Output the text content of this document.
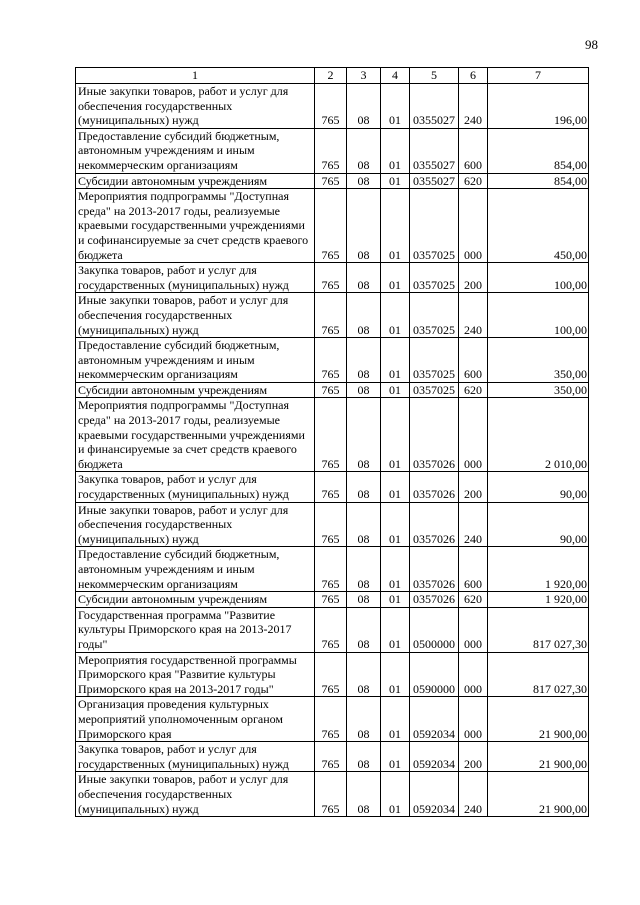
98
1	2	3	4	5	6	7
Иные закупки товаров, работ и услуг для обеспечения государственных (муниципальных) нужд	765	08	01	0355027	240	196,00
Предоставление субсидий бюджетным, автономным учреждениям и иным некоммерческим организациям	765	08	01	0355027	600	854,00
Субсидии автономным учреждениям	765	08	01	0355027	620	854,00
Мероприятия подпрограммы "Доступная среда" на 2013-2017 годы, реализуемые краевыми государственными учреждениями и софинансируемые за счет средств краевого бюджета	765	08	01	0357025	000	450,00
Закупка товаров, работ и услуг для государственных (муниципальных) нужд	765	08	01	0357025	200	100,00
Иные закупки товаров, работ и услуг для обеспечения государственных (муниципальных) нужд	765	08	01	0357025	240	100,00
Предоставление субсидий бюджетным, автономным учреждениям и иным некоммерческим организациям	765	08	01	0357025	600	350,00
Субсидии автономным учреждениям	765	08	01	0357025	620	350,00
Мероприятия подпрограммы "Доступная среда" на 2013-2017 годы, реализуемые краевыми государственными учреждениями и финансируемые за счет средств краевого бюджета	765	08	01	0357026	000	2 010,00
Закупка товаров, работ и услуг для государственных (муниципальных) нужд	765	08	01	0357026	200	90,00
Иные закупки товаров, работ и услуг для обеспечения государственных (муниципальных) нужд	765	08	01	0357026	240	90,00
Предоставление субсидий бюджетным, автономным учреждениям и иным некоммерческим организациям	765	08	01	0357026	600	1 920,00
Субсидии автономным учреждениям	765	08	01	0357026	620	1 920,00
Государственная программа "Развитие культуры Приморского края на 2013-2017 годы"	765	08	01	0500000	000	817 027,30
Мероприятия государственной программы Приморского края "Развитие культуры Приморского края на 2013-2017 годы"	765	08	01	0590000	000	817 027,30
Организация проведения культурных мероприятий уполномоченным органом Приморского края	765	08	01	0592034	000	21 900,00
Закупка товаров, работ и услуг для государственных (муниципальных) нужд	765	08	01	0592034	200	21 900,00
Иные закупки товаров, работ и услуг для обеспечения государственных (муниципальных) нужд	765	08	01	0592034	240	21 900,00
